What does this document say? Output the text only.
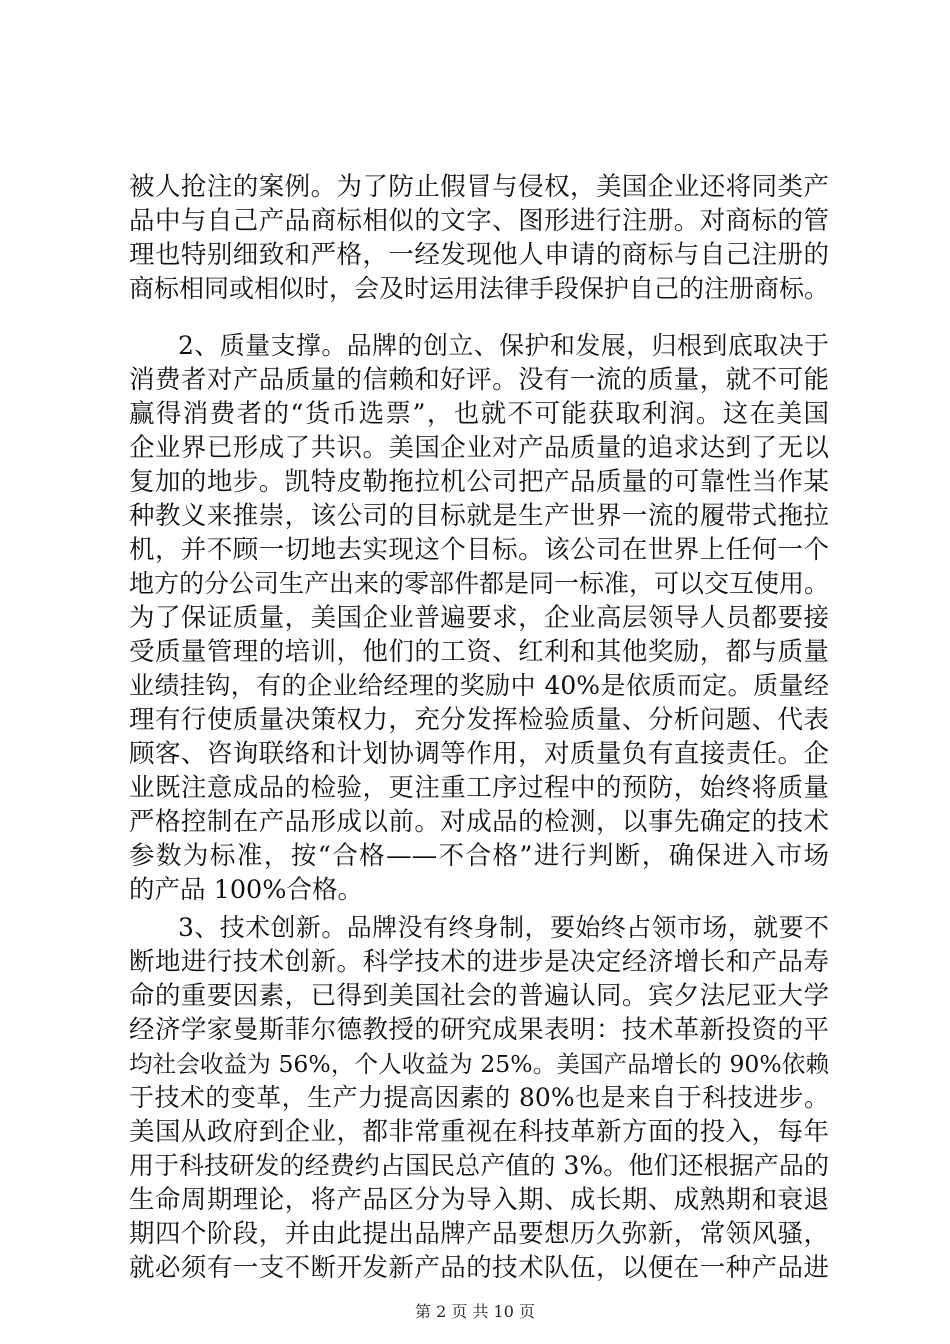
被人抢注的案例。为了防止假冒与侵权，美国企业还将同类产
品中与自己产品商标相似的文字、图形进行注册。对商标的管
理也特别细致和严格，一经发现他人申请的商标与自己注册的
商标相同或相似时，会及时运用法律手段保护自己的注册商标。
2、质量支撑。品牌的创立、保护和发展，归根到底取决于
消费者对产品质量的信赖和好评。没有一流的质量，就不可能
赢得消费者的“货币选票”，也就不可能获取利润。这在美国
企业界已形成了共识。美国企业对产品质量的追求达到了无以
复加的地步。凯特皮勒拖拉机公司把产品质量的可靠性当作某
种教义来推崇，该公司的目标就是生产世界一流的履带式拖拉
机，并不顾一切地去实现这个目标。该公司在世界上任何一个
地方的分公司生产出来的零部件都是同一标准，可以交互使用。
为了保证质量，美国企业普遍要求，企业高层领导人员都要接
受质量管理的培训，他们的工资、红利和其他奖励，都与质量
业绩挂钩，有的企业给经理的奖励中 40%是依质而定。质量经
理有行使质量决策权力，充分发挥检验质量、分析问题、代表
顾客、咨询联络和计划协调等作用，对质量负有直接责任。企
业既注意成品的检验，更注重工序过程中的预防，始终将质量
严格控制在产品形成以前。对成品的检测，以事先确定的技术
参数为标准，按“合格——不合格”进行判断，确保进入市场
的产品 100%合格。
3、技术创新。品牌没有终身制，要始终占领市场，就要不
断地进行技术创新。科学技术的进步是决定经济增长和产品寿
命的重要因素，已得到美国社会的普遍认同。宾夕法尼亚大学
经济学家曼斯菲尔德教授的研究成果表明：技术革新投资的平
均社会收益为 56%，个人收益为 25%。美国产品增长的 90%依赖
于技术的变革，生产力提高因素的 80%也是来自于科技进步。
美国从政府到企业，都非常重视在科技革新方面的投入，每年
用于科技研发的经费约占国民总产值的 3%。他们还根据产品的
生命周期理论，将产品区分为导入期、成长期、成熟期和衰退
期四个阶段，并由此提出品牌产品要想历久弥新，常领风骚，
就必须有一支不断开发新产品的技术队伍，以便在一种产品进
第 2 页 共 10 页
